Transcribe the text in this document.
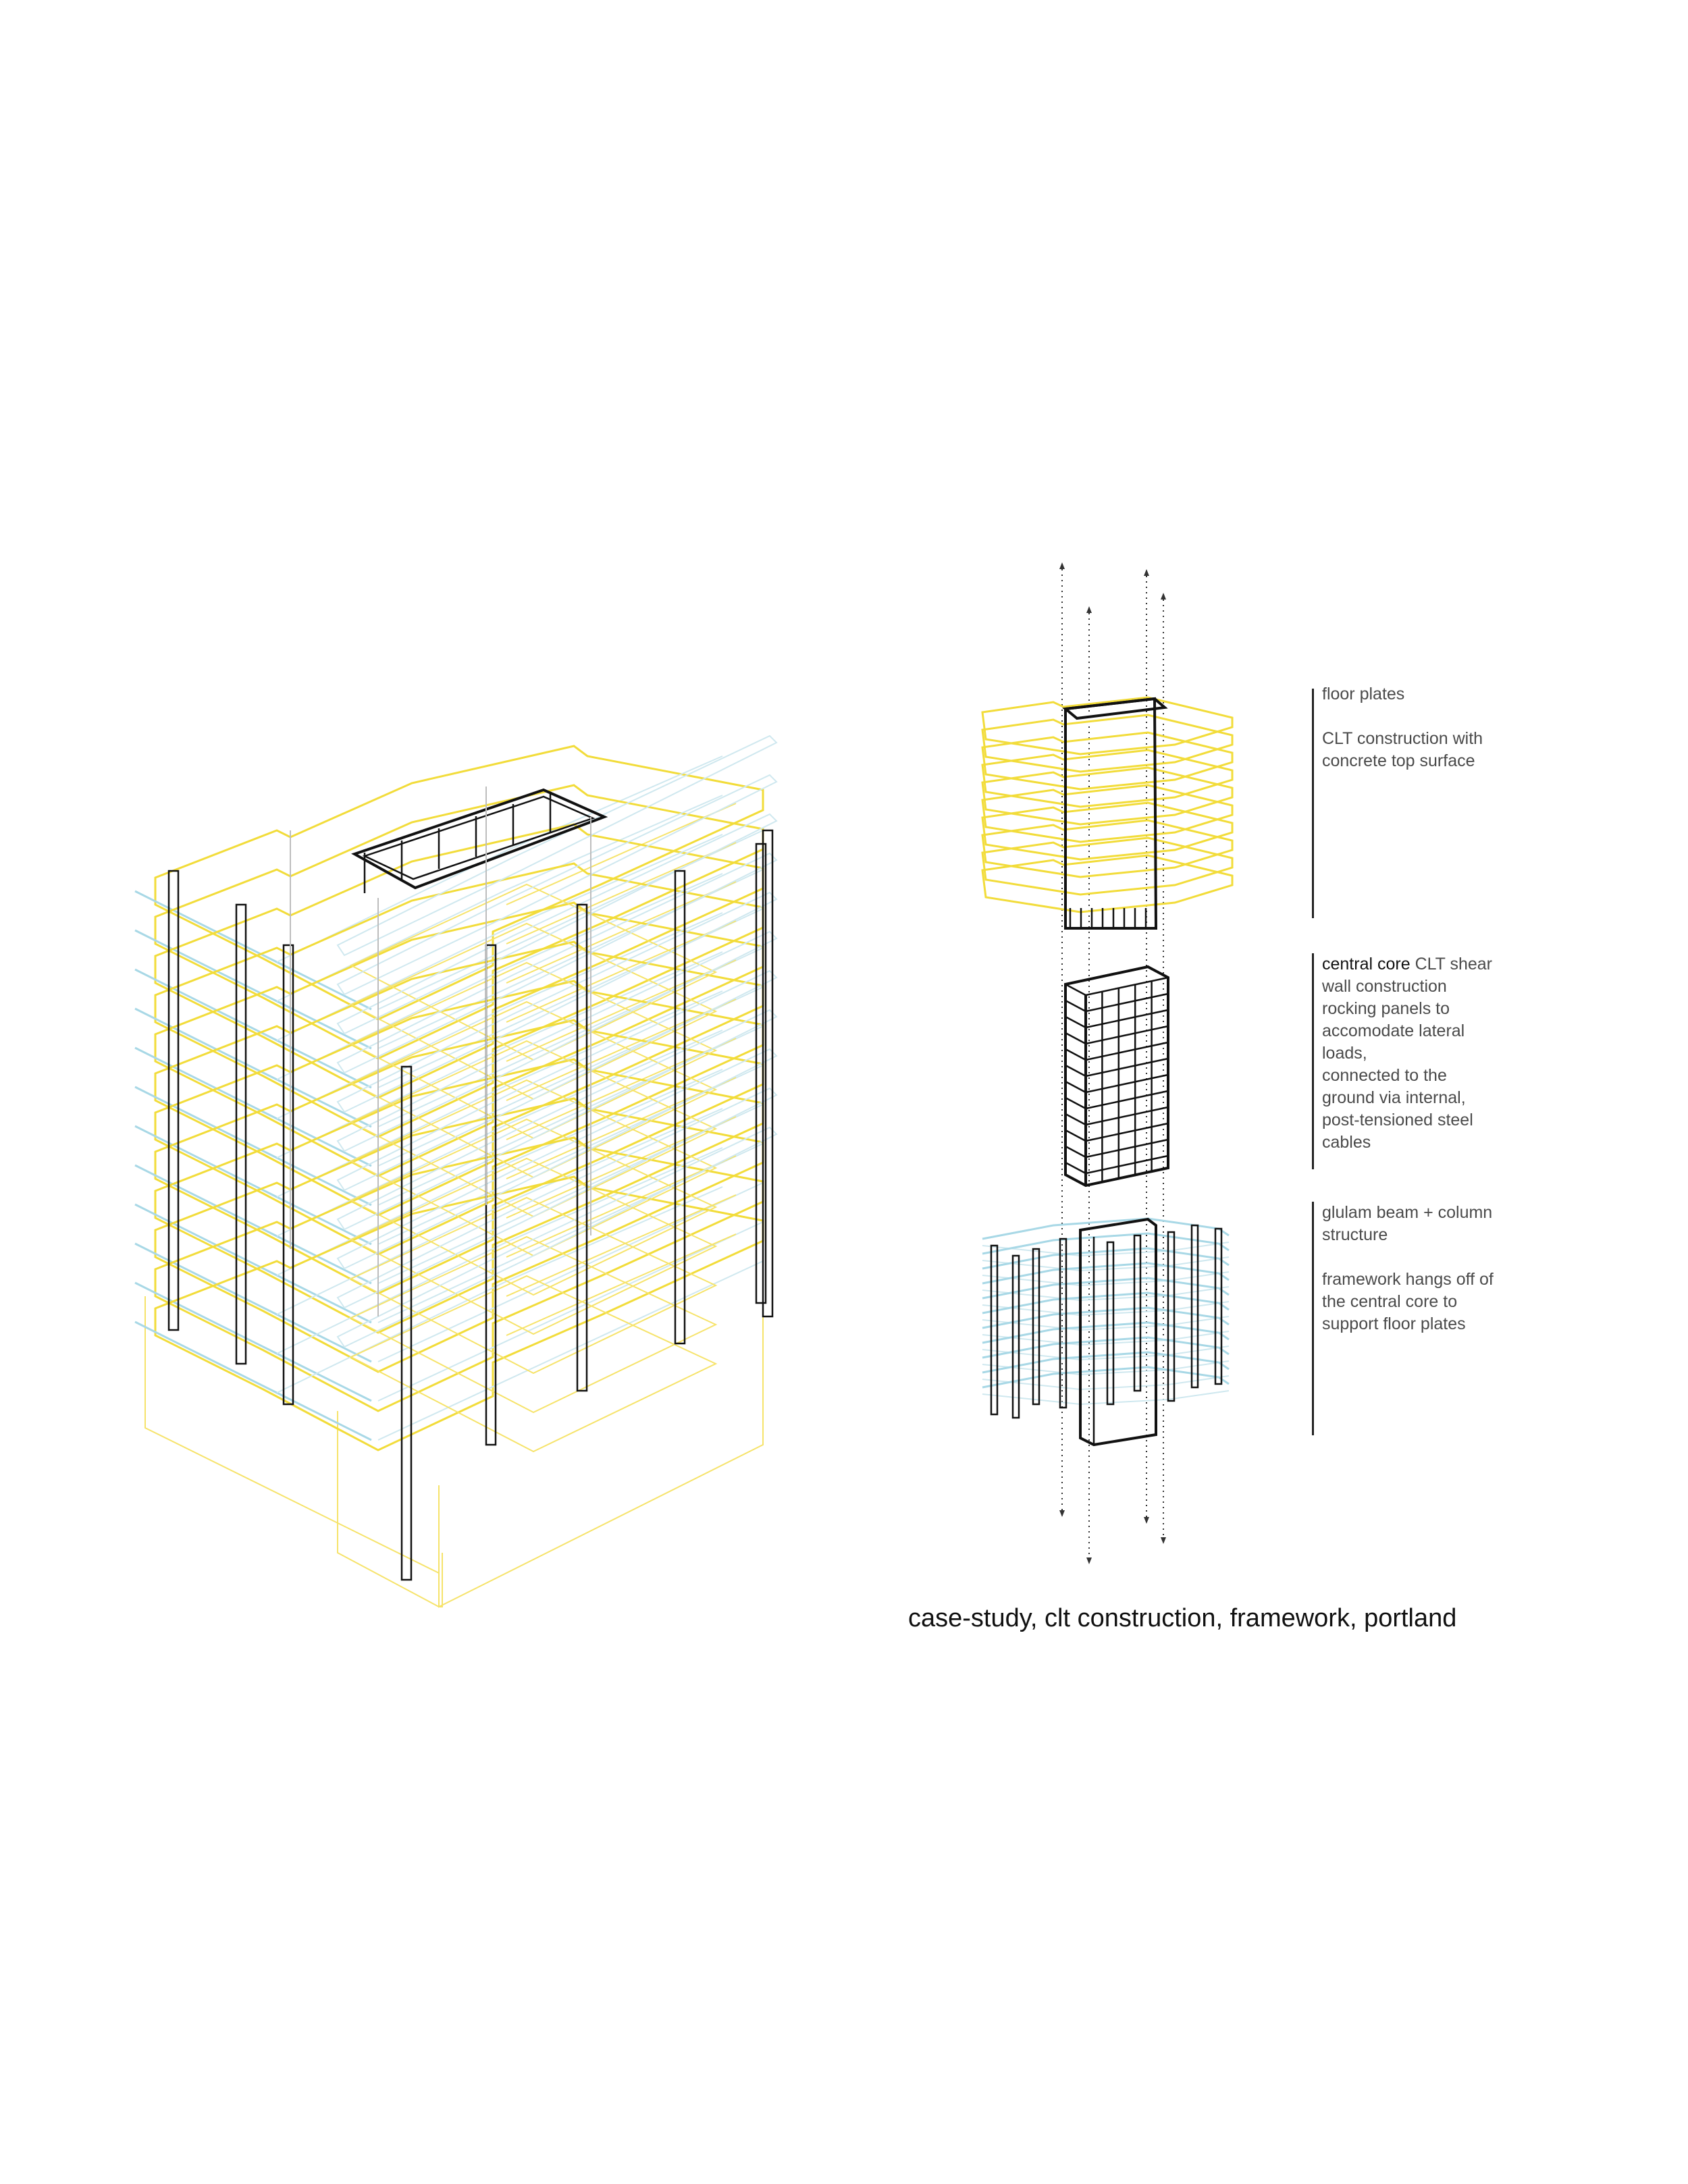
floor plates

CLT construction with

concrete top surface

central core CLT shear

wall construction

rocking panels to

accomodate lateral

loads,

connected to the

ground via internal,

post-tensioned steel

cables

glulam beam + column

structure

framework hangs off of

the central core to

support floor plates

case-study, clt construction, framework, portland
